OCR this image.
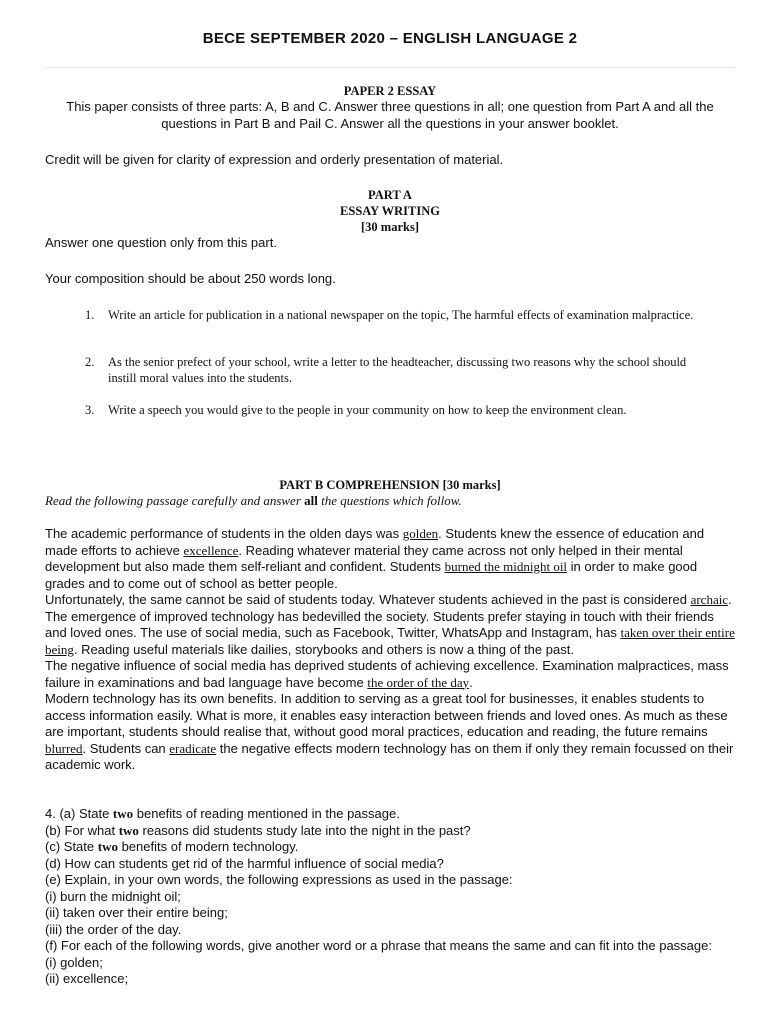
BECE SEPTEMBER 2020 – ENGLISH LANGUAGE 2
PAPER 2 ESSAY
This paper consists of three parts: A, B and C. Answer three questions in all; one question from Part A and all the
questions in Part B and Pail C. Answer all the questions in your answer booklet.
Credit will be given for clarity of expression and orderly presentation of material.
PART A
ESSAY WRITING
[30 marks]
Answer one question only from this part.
Your composition should be about 250 words long.
1. Write an article for publication in a national newspaper on the topic, The harmful effects of examination malpractice.
2. As the senior prefect of your school, write a letter to the headteacher, discussing two reasons why the school should instill moral values into the students.
3. Write a speech you would give to the people in your community on how to keep the environment clean.
PART B COMPREHENSION [30 marks]
Read the following passage carefully and answer all the questions which follow.

The academic performance of students in the olden days was golden. Students knew the essence of education and made efforts to achieve excellence. Reading whatever material they came across not only helped in their mental development but also made them self-reliant and confident. Students burned the midnight oil in order to make good grades and to come out of school as better people.

Unfortunately, the same cannot be said of students today. Whatever students achieved in the past is considered archaic. The emergence of improved technology has bedevilled the society. Students prefer staying in touch with their friends and loved ones. The use of social media, such as Facebook, Twitter, WhatsApp and Instagram, has taken over their entire being. Reading useful materials like dailies, storybooks and others is now a thing of the past.

The negative influence of social media has deprived students of achieving excellence. Examination malpractices, mass failure in examinations and bad language have become the order of the day.

Modern technology has its own benefits. In addition to serving as a great tool for businesses, it enables students to access information easily. What is more, it enables easy interaction between friends and loved ones. As much as these are important, students should realise that, without good moral practices, education and reading, the future remains blurred. Students can eradicate the negative effects modern technology has on them if only they remain focussed on their academic work.

4. (a) State two benefits of reading mentioned in the passage.
(b) For what two reasons did students study late into the night in the past?
(c) State two benefits of modern technology.
(d) How can students get rid of the harmful influence of social media?
(e) Explain, in your own words, the following expressions as used in the passage:
(i) burn the midnight oil;
(ii) taken over their entire being;
(iii) the order of the day.
(f) For each of the following words, give another word or a phrase that means the same and can fit into the passage:
(i) golden;
(ii) excellence;
